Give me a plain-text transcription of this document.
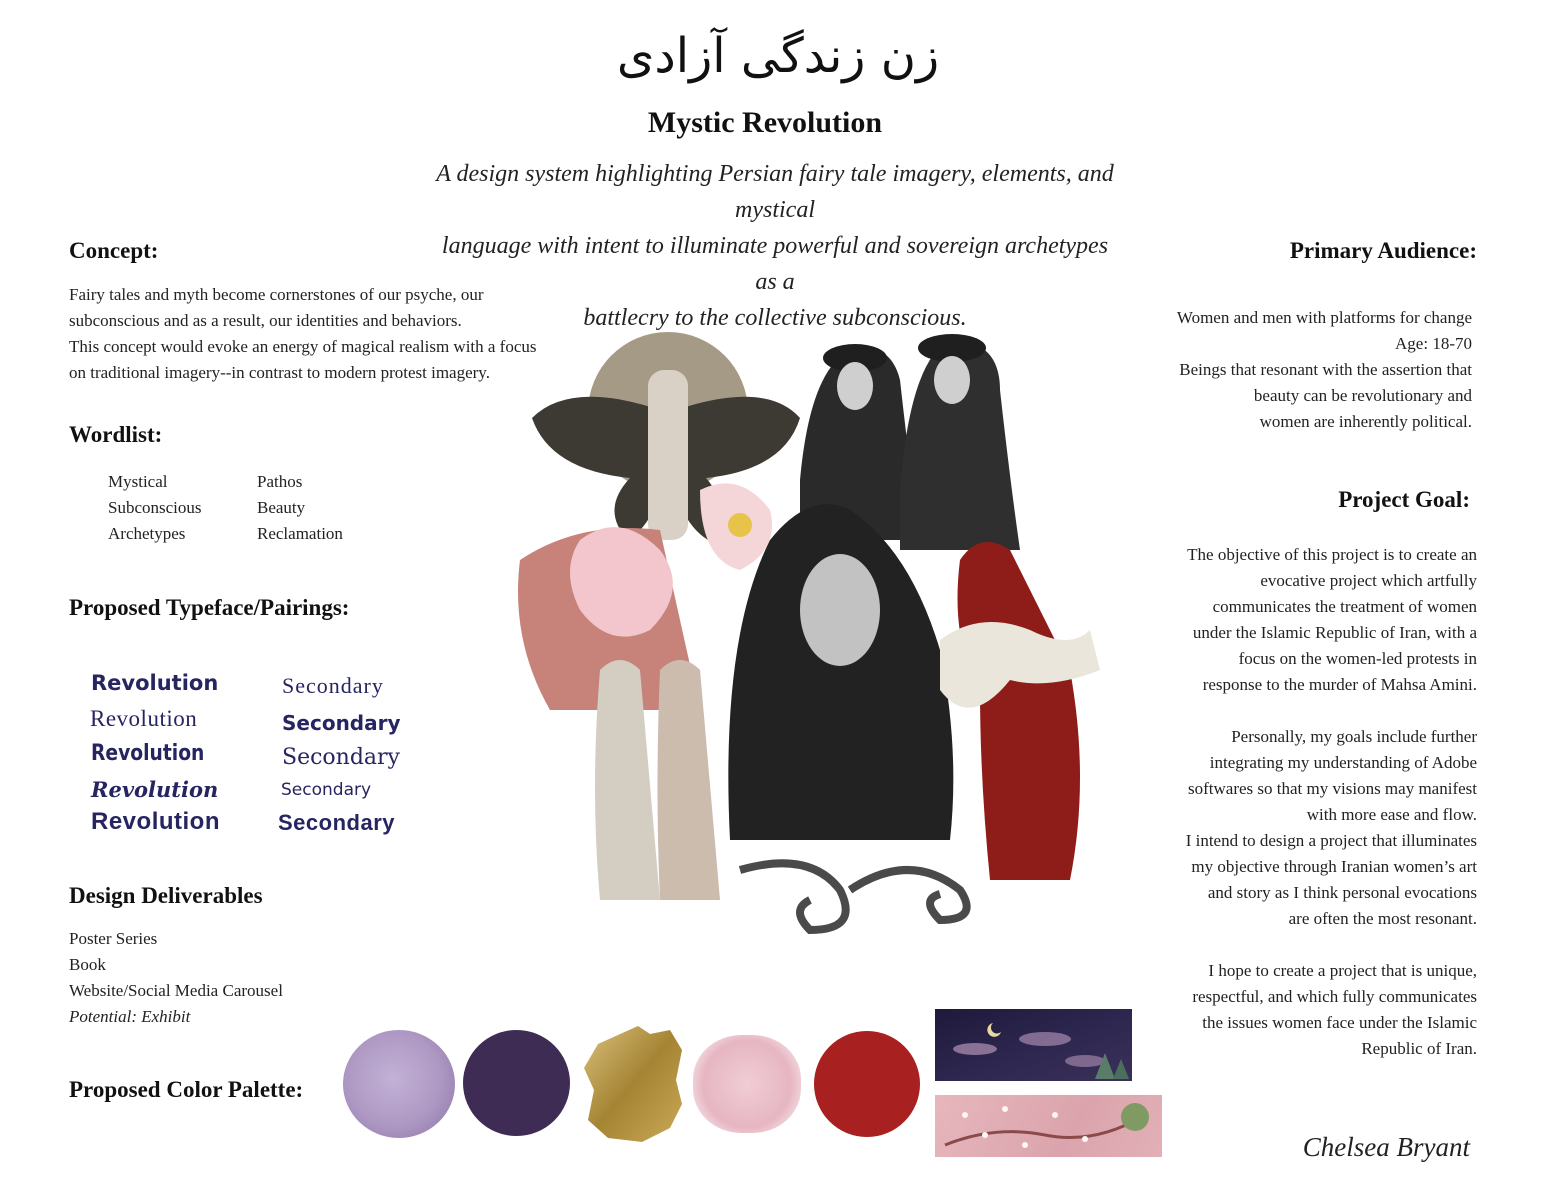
زن زندگی آزادی
Mystic Revolution
A design system highlighting Persian fairy tale imagery, elements, and mystical
language with intent to illuminate powerful and sovereign archetypes as a
battlecry to the collective subconscious.
Concept:
Fairy tales and myth become cornerstones of our psyche, our
subconscious and as a result, our identities and behaviors.
This concept would evoke an energy of magical realism with a focus
on traditional imagery--in contrast to modern protest imagery.
Wordlist:
Mystical
Subconscious
Archetypes
Pathos
Beauty
Reclamation
Proposed Typeface/Pairings:
Revolution
Revolution
Revolution
Revolution
Revolution
Secondary
Secondary
Secondary
Secondary
Secondary
Design Deliverables
Poster Series
Book
Website/Social Media Carousel
Potential: Exhibit
Proposed Color Palette:
Primary Audience:
Women and men with platforms for change
Age: 18-70
Beings that resonant with the assertion that
beauty can be revolutionary and
women are inherently political.
Project Goal:
The objective of this project is to create an
evocative project which artfully
communicates the treatment of women
under the Islamic Republic of Iran, with a
focus on the women-led protests in
response to the murder of Mahsa Amini.
Personally, my goals include further
integrating my understanding of Adobe
softwares so that my visions may manifest
with more ease and flow.
I intend to design a project that illuminates
my objective through Iranian women’s art
and story as I think personal evocations
are often the most resonant.
I hope to create a project that is unique,
respectful, and which fully communicates
the issues women face under the Islamic
Republic of Iran.
Chelsea Bryant
